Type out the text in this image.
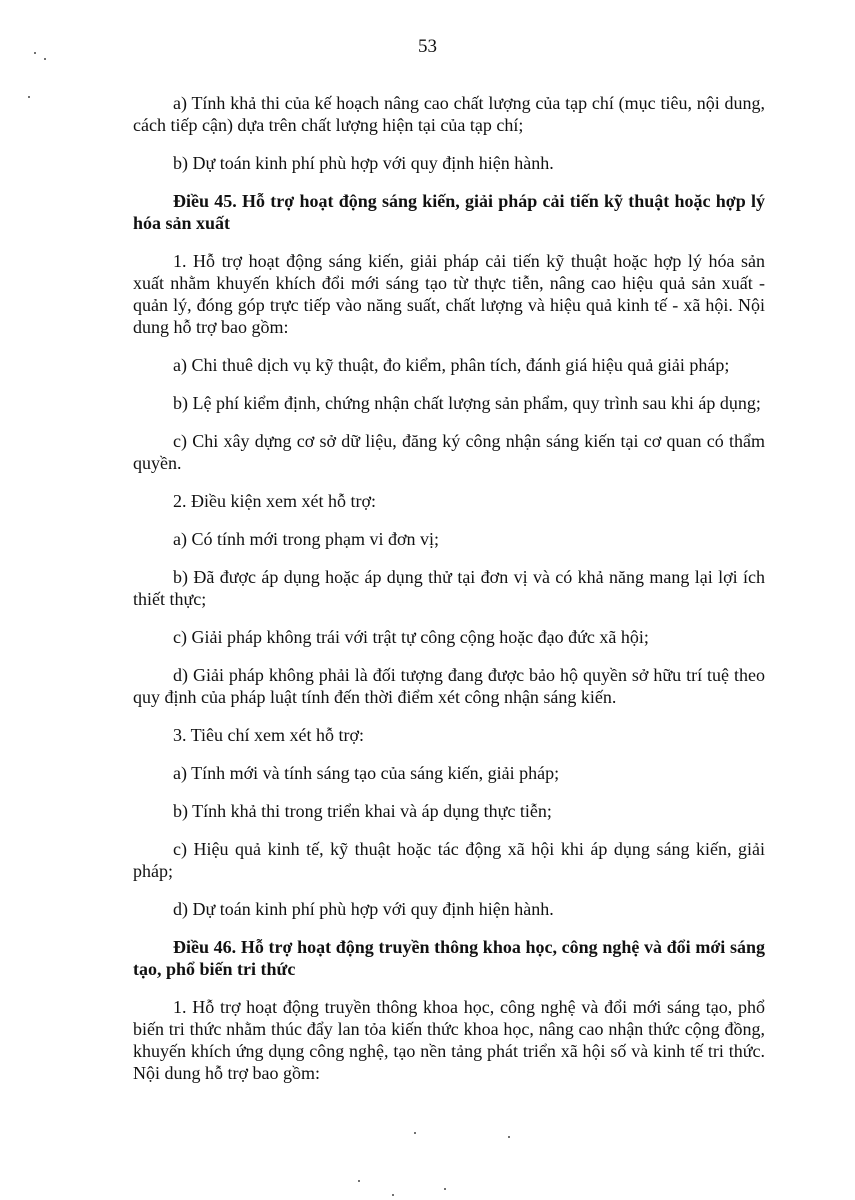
53

a) Tính khả thi của kế hoạch nâng cao chất lượng của tạp chí (mục tiêu, nội dung, cách tiếp cận) dựa trên chất lượng hiện tại của tạp chí;

b) Dự toán kinh phí phù hợp với quy định hiện hành.

Điều 45. Hỗ trợ hoạt động sáng kiến, giải pháp cải tiến kỹ thuật hoặc hợp lý hóa sản xuất

1. Hỗ trợ hoạt động sáng kiến, giải pháp cải tiến kỹ thuật hoặc hợp lý hóa sản xuất nhằm khuyến khích đổi mới sáng tạo từ thực tiễn, nâng cao hiệu quả sản xuất - quản lý, đóng góp trực tiếp vào năng suất, chất lượng và hiệu quả kinh tế - xã hội. Nội dung hỗ trợ bao gồm:

a) Chi thuê dịch vụ kỹ thuật, đo kiểm, phân tích, đánh giá hiệu quả giải pháp;

b) Lệ phí kiểm định, chứng nhận chất lượng sản phẩm, quy trình sau khi áp dụng;

c) Chi xây dựng cơ sở dữ liệu, đăng ký công nhận sáng kiến tại cơ quan có thẩm quyền.

2. Điều kiện xem xét hỗ trợ:

a) Có tính mới trong phạm vi đơn vị;

b) Đã được áp dụng hoặc áp dụng thử tại đơn vị và có khả năng mang lại lợi ích thiết thực;

c) Giải pháp không trái với trật tự công cộng hoặc đạo đức xã hội;

d) Giải pháp không phải là đối tượng đang được bảo hộ quyền sở hữu trí tuệ theo quy định của pháp luật tính đến thời điểm xét công nhận sáng kiến.

3. Tiêu chí xem xét hỗ trợ:

a) Tính mới và tính sáng tạo của sáng kiến, giải pháp;

b) Tính khả thi trong triển khai và áp dụng thực tiễn;

c) Hiệu quả kinh tế, kỹ thuật hoặc tác động xã hội khi áp dụng sáng kiến, giải pháp;

d) Dự toán kinh phí phù hợp với quy định hiện hành.

Điều 46. Hỗ trợ hoạt động truyền thông khoa học, công nghệ và đổi mới sáng tạo, phổ biến tri thức

1. Hỗ trợ hoạt động truyền thông khoa học, công nghệ và đổi mới sáng tạo, phổ biến tri thức nhằm thúc đẩy lan tỏa kiến thức khoa học, nâng cao nhận thức cộng đồng, khuyến khích ứng dụng công nghệ, tạo nền tảng phát triển xã hội số và kinh tế tri thức. Nội dung hỗ trợ bao gồm:
